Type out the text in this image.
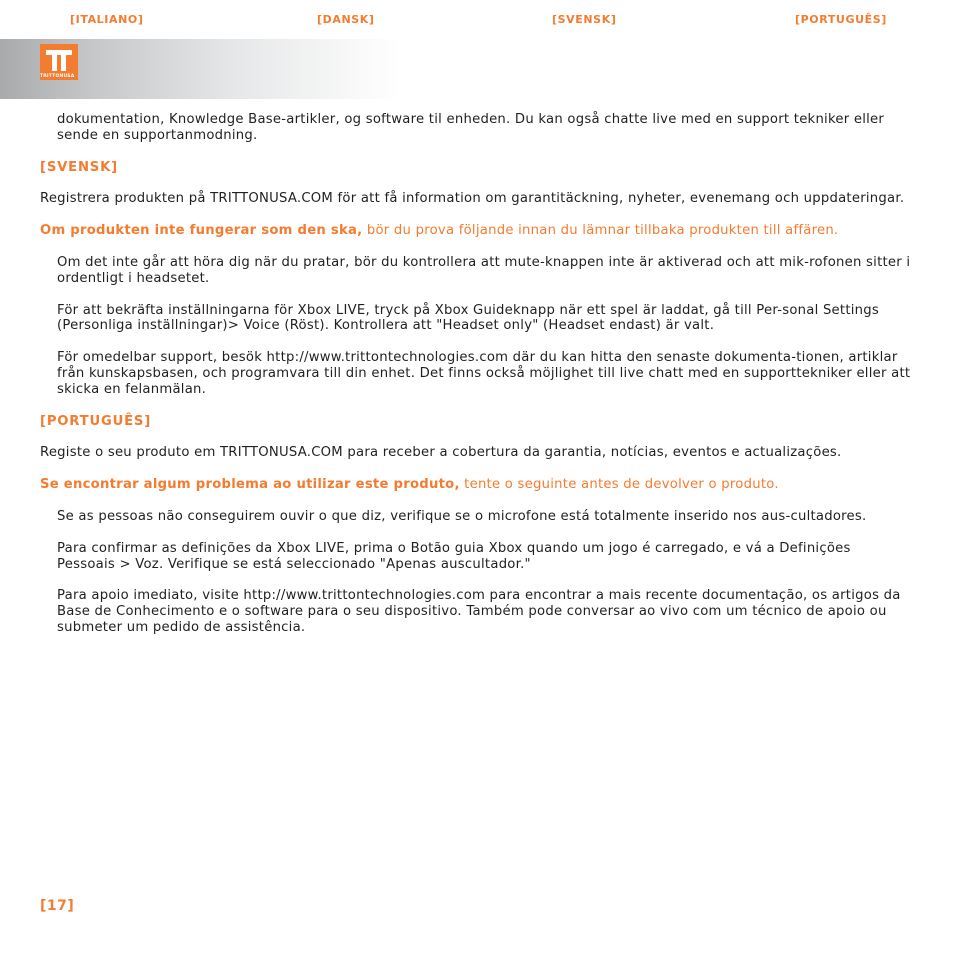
[ITALIANO]	[DANSK]	[SVENSK]	[PORTUGUÊS]
TRITTONUSA

dokumentation, Knowledge Base-artikler, og software til enheden. Du kan også chatte live med en support tekniker eller sende en supportanmodning.

[SVENSK]

Registrera produkten på TRITTONUSA.COM för att få information om garantitäckning, nyheter, evenemang och uppdateringar.

Om produkten inte fungerar som den ska, bör du prova följande innan du lämnar tillbaka produkten till affären.

Om det inte går att höra dig när du pratar, bör du kontrollera att mute-knappen inte är aktiverad och att mik-rofonen sitter i ordentligt i headsetet.

För att bekräfta inställningarna för Xbox LIVE, tryck på Xbox Guideknapp när ett spel är laddat, gå till Per-sonal Settings (Personliga inställningar)> Voice (Röst). Kontrollera att "Headset only" (Headset endast) är valt.

För omedelbar support, besök http://www.trittontechnologies.com där du kan hitta den senaste dokumenta-tionen, artiklar från kunskapsbasen, och programvara till din enhet. Det finns också möjlighet till live chatt med en supporttekniker eller att skicka en felanmälan.

[PORTUGUÊS]

Registe o seu produto em TRITTONUSA.COM para receber a cobertura da garantia, notícias, eventos e actualizações.

Se encontrar algum problema ao utilizar este produto, tente o seguinte antes de devolver o produto.

Se as pessoas não conseguirem ouvir o que diz, verifique se o microfone está totalmente inserido nos aus-cultadores.

Para confirmar as definições da Xbox LIVE, prima o Botão guia Xbox quando um jogo é carregado, e vá a Definições Pessoais > Voz. Verifique se está seleccionado "Apenas auscultador."

Para apoio imediato, visite http://www.trittontechnologies.com para encontrar a mais recente documentação, os artigos da Base de Conhecimento e o software para o seu dispositivo. Também pode conversar ao vivo com um técnico de apoio ou submeter um pedido de assistência.

[17]
